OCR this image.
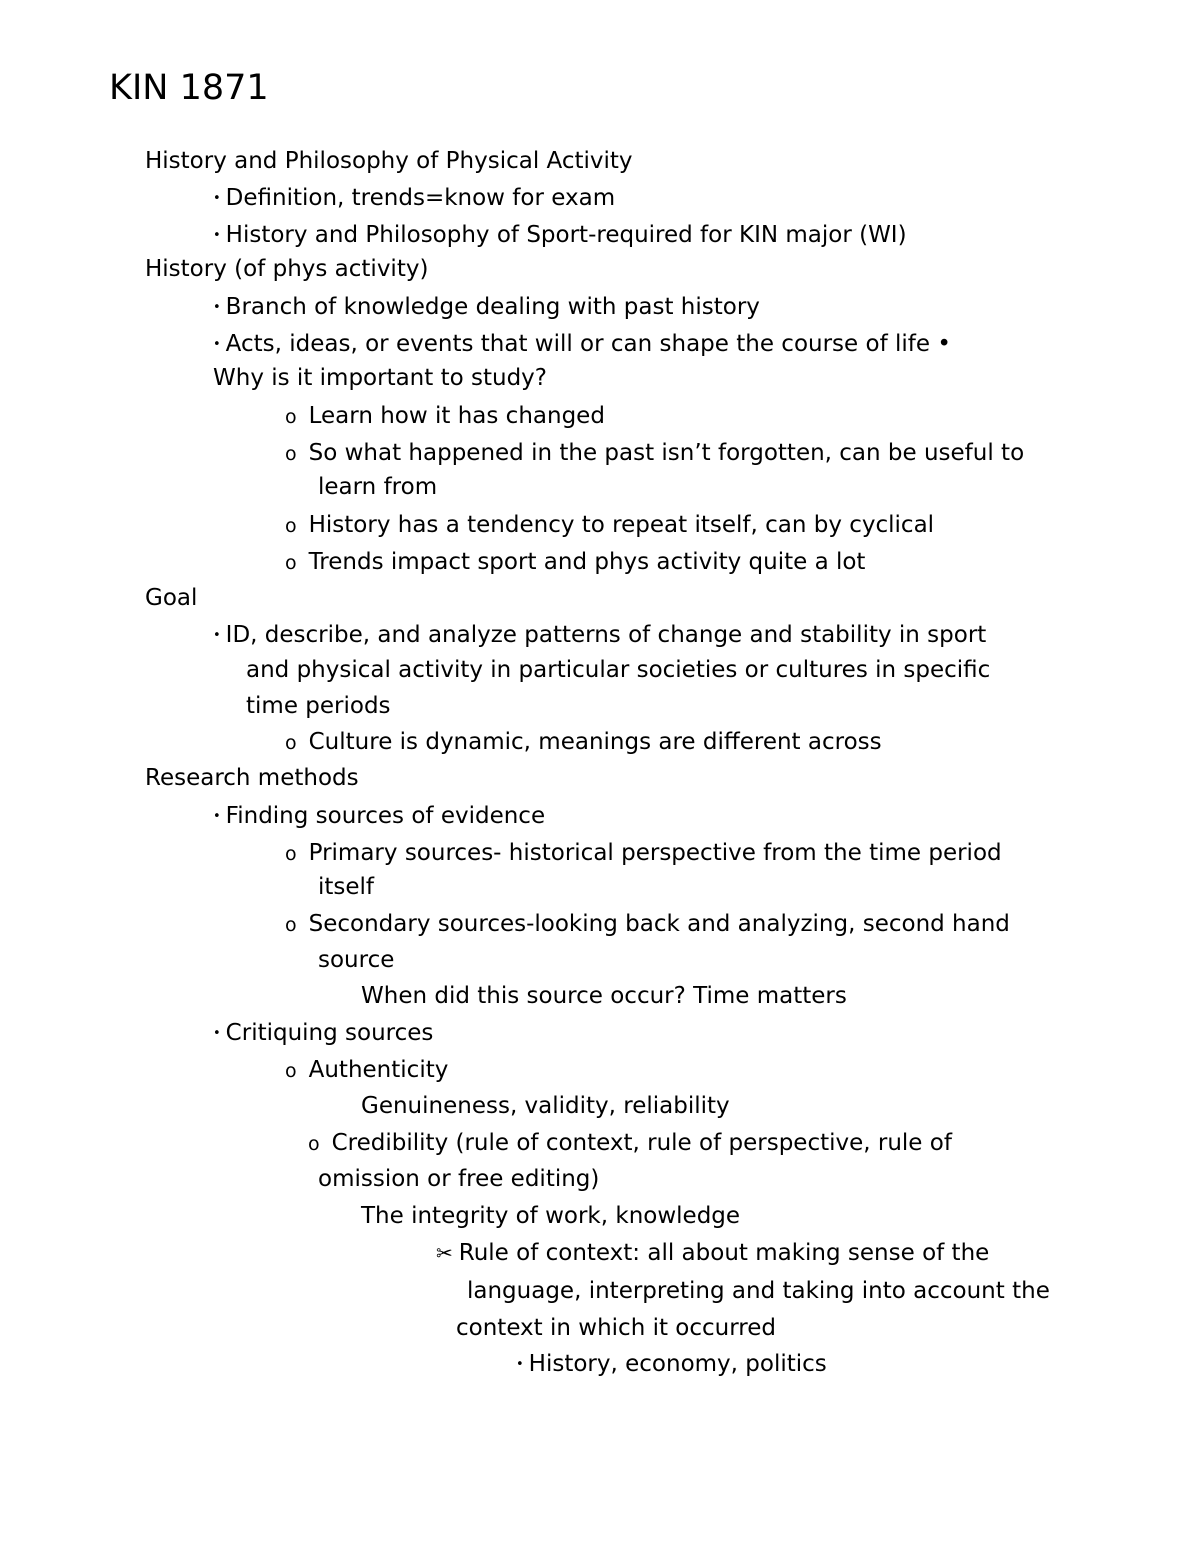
KIN 1871
History and Philosophy of Physical Activity
• Definition, trends=know for exam
• History and Philosophy of Sport-required for KIN major (WI)
History (of phys activity)
• Branch of knowledge dealing with past history
• Acts, ideas, or events that will or can shape the course of life •
Why is it important to study?
o Learn how it has changed
o So what happened in the past isn’t forgotten, can be useful to
learn from
o History has a tendency to repeat itself, can by cyclical
o Trends impact sport and phys activity quite a lot
Goal
• ID, describe, and analyze patterns of change and stability in sport
and physical activity in particular societies or cultures in specific
time periods
o Culture is dynamic, meanings are different across
Research methods
• Finding sources of evidence
o Primary sources- historical perspective from the time period
itself
o Secondary sources-looking back and analyzing, second hand
source
When did this source occur? Time matters
• Critiquing sources
o Authenticity
Genuineness, validity, reliability
o Credibility (rule of context, rule of perspective, rule of
omission or free editing)
The integrity of work, knowledge
✂ Rule of context: all about making sense of the
language, interpreting and taking into account the
context in which it occurred
• History, economy, politics
